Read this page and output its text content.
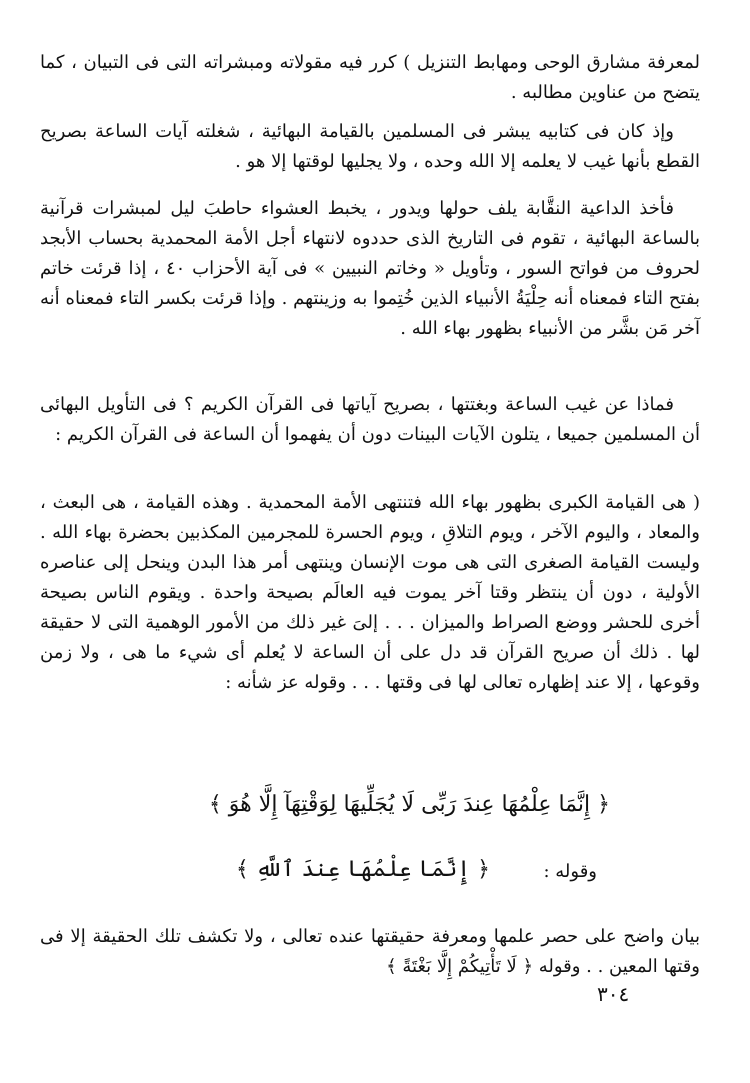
لمعرفة مشارق الوحى ومهابط التنزيل ) كرر فيه مقولاته ومبشراته التى فى التبيان ، كما يتضح من عناوين مطالبه .

وإذ كان فى كتابيه يبشر فى المسلمين بالقيامة البهائية ، شغلته آيات الساعة بصريح القطع بأنها غيب لا يعلمه إلا الله وحده ، ولا يجليها لوقتها إلا هو .

فأخذ الداعية النقَّابة يلف حولها ويدور ، يخبط العشواء حاطبَ ليل لمبشرات قرآنية بالساعة البهائية ، تقوم فى التاريخ الذى حددوه لانتهاء أجل الأمة المحمدية بحساب الأبجد لحروف من فواتح السور ، وتأويل « وخاتم النبيين » فى آية الأحزاب ٤٠ ، إذا قرئت خاتم بفتح التاء فمعناه أنه حِلْيَةُ الأنبياء الذين خُتِموا به وزينتهم . وإذا قرئت بكسر التاء فمعناه أنه آخر مَن بشَّر من الأنبياء بظهور بهاء الله .

فماذا عن غيب الساعة وبغتتها ، بصريح آياتها فى القرآن الكريم ؟ فى التأويل البهائى أن المسلمين جميعا ، يتلون الآيات البينات دون أن يفهموا أن الساعة فى القرآن الكريم :

( هى القيامة الكبرى بظهور بهاء الله فتنتهى الأمة المحمدية . وهذه القيامة ، هى البعث ، والمعاد ، واليوم الآخر ، ويوم التلاقِ ، ويوم الحسرة للمجرمين المكذبين بحضرة بهاء الله . وليست القيامة الصغرى التى هى موت الإنسان وينتهى أمر هذا البدن وينحل إلى عناصره الأولية ، دون أن ينتظر وقتا آخر يموت فيه العالَم بصيحة واحدة . ويقوم الناس بصيحة أخرى للحشر ووضع الصراط والميزان . . . إلىَ غير ذلك من الأمور الوهمية التى لا حقيقة لها . ذلك أن صريح القرآن قد دل على أن الساعة لا يُعلم أى شيء ما هى ، ولا زمن وقوعها ، إلا عند إظهاره تعالى لها فى وقتها . . . وقوله عز شأنه :

﴿ إِنَّمَا عِلْمُهَا عِندَ رَبِّى لَا يُجَلِّيهَا لِوَقْتِهَآ إِلَّا هُوَ ﴾

وقوله :

﴿ إِنَّمَا عِلْمُهَا عِندَ ٱللَّهِ ﴾

بيان واضح على حصر علمها ومعرفة حقيقتها عنده تعالى ، ولا تكشف تلك الحقيقة إلا فى وقتها المعين . . وقوله ﴿ لَا تَأْتِيكُمْ إِلَّا بَغْتَةً ﴾

٣٠٤
